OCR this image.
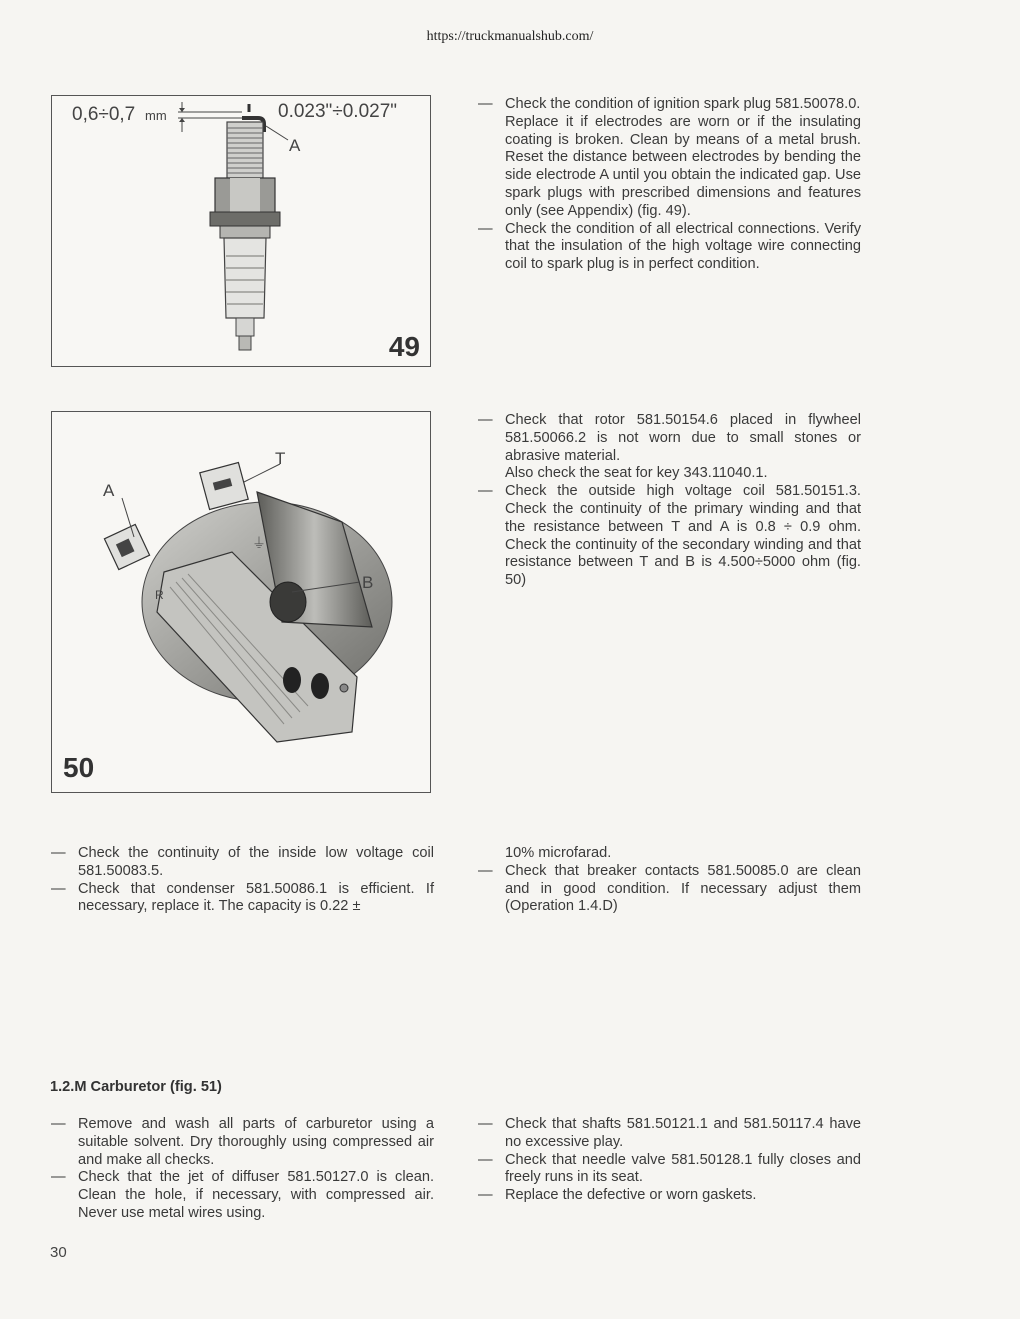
https://truckmanualshub.com/
0,6÷0,7 mm	0.023"÷0.027"
A
49
⏚
R
A
T
B
50
— Check the condition of ignition spark plug 581.50078.0.
Replace it if electrodes are worn or if the insulating coating is broken. Clean by means of a metal brush. Reset the distance between electrodes by bending the side electrode A until you obtain the indicated gap. Use spark plugs with prescribed dimensions and features only (see Appendix) (fig. 49).
— Check the condition of all electrical connections. Verify that the insulation of the high voltage wire connecting coil to spark plug is in perfect condition.
— Check that rotor 581.50154.6 placed in flywheel 581.50066.2 is not worn due to small stones or abrasive material.
Also check the seat for key 343.11040.1.
— Check the outside high voltage coil 581.50151.3. Check the continuity of the primary winding and that the resistance between T and A is 0.8 ÷ 0.9 ohm. Check the continuity of the secondary winding and that resistance between T and B is 4.500÷5000 ohm (fig. 50)
— Check the continuity of the inside low voltage coil 581.50083.5.
— Check that condenser 581.50086.1 is efficient. If necessary, replace it. The capacity is 0.22 ±
10% microfarad.
— Check that breaker contacts 581.50085.0 are clean and in good condition. If necessary adjust them (Operation 1.4.D)
1.2.M Carburetor (fig. 51)
— Remove and wash all parts of carburetor using a suitable solvent. Dry thoroughly using compressed air and make all checks.
— Check that the jet of diffuser 581.50127.0 is clean. Clean the hole, if necessary, with compressed air. Never use metal wires using.
— Check that shafts 581.50121.1 and 581.50117.4 have no excessive play.
— Check that needle valve 581.50128.1 fully closes and freely runs in its seat.
— Replace the defective or worn gaskets.
30
